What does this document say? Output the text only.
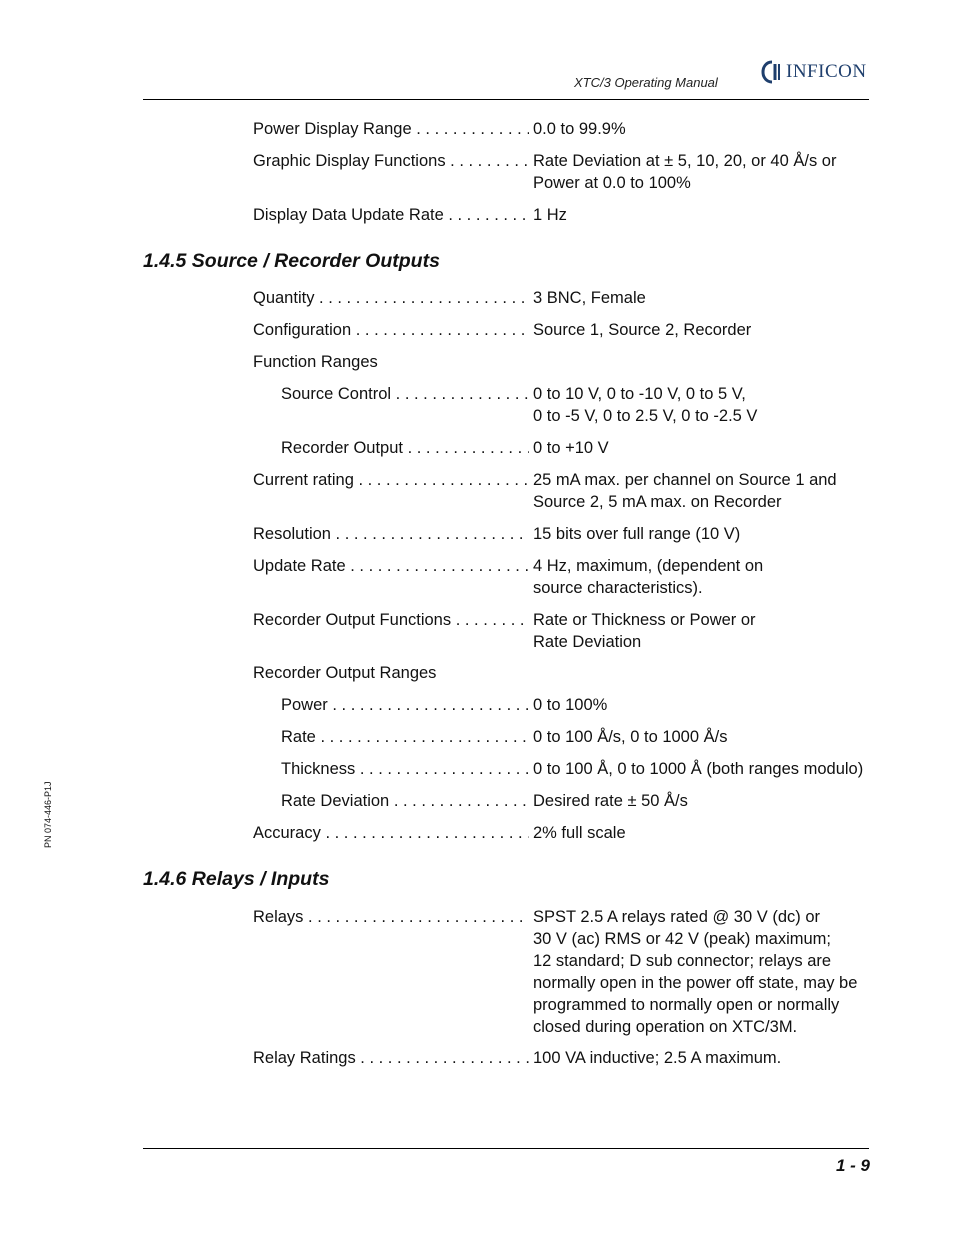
XTC/3 Operating Manual
INFICON
Power Display Range . . .	0.0 to 99.9%
Graphic Display Functions . . .	Rate Deviation at ± 5, 10, 20, or 40 Å/s or
Power at 0.0 to 100%
Display Data Update Rate . . .	1 Hz
1.4.5 Source / Recorder Outputs
Quantity . . .	3 BNC, Female
Configuration . . .	Source 1, Source 2, Recorder
Function Ranges
Source Control . . .	0 to 10 V, 0 to -10 V, 0 to 5 V,
0 to -5 V, 0 to 2.5 V, 0 to -2.5 V
Recorder Output . . .	0 to +10 V
Current rating . . .	25 mA max. per channel on Source 1 and
Source 2, 5 mA max. on Recorder
Resolution . . .	15 bits over full range (10 V)
Update Rate . . .	4 Hz, maximum, (dependent on
source characteristics).
Recorder Output Functions . . .	Rate or Thickness or Power or
Rate Deviation
Recorder Output Ranges
Power . . .	0 to 100%
Rate . . .	0 to 100 Å/s, 0 to 1000 Å/s
Thickness . . .	0 to 100 Å, 0 to 1000 Å (both ranges modulo)
Rate Deviation . . .	Desired rate ± 50 Å/s
Accuracy . . .	2% full scale
1.4.6 Relays / Inputs
Relays . . .	SPST 2.5 A relays rated @ 30 V (dc) or
30 V (ac) RMS or 42 V (peak) maximum;
12 standard; D sub connector; relays are
normally open in the power off state, may be
programmed to normally open or normally
closed during operation on XTC/3M.
Relay Ratings . . .	100 VA inductive; 2.5 A maximum.
PN 074-446-P1J
1 - 9
